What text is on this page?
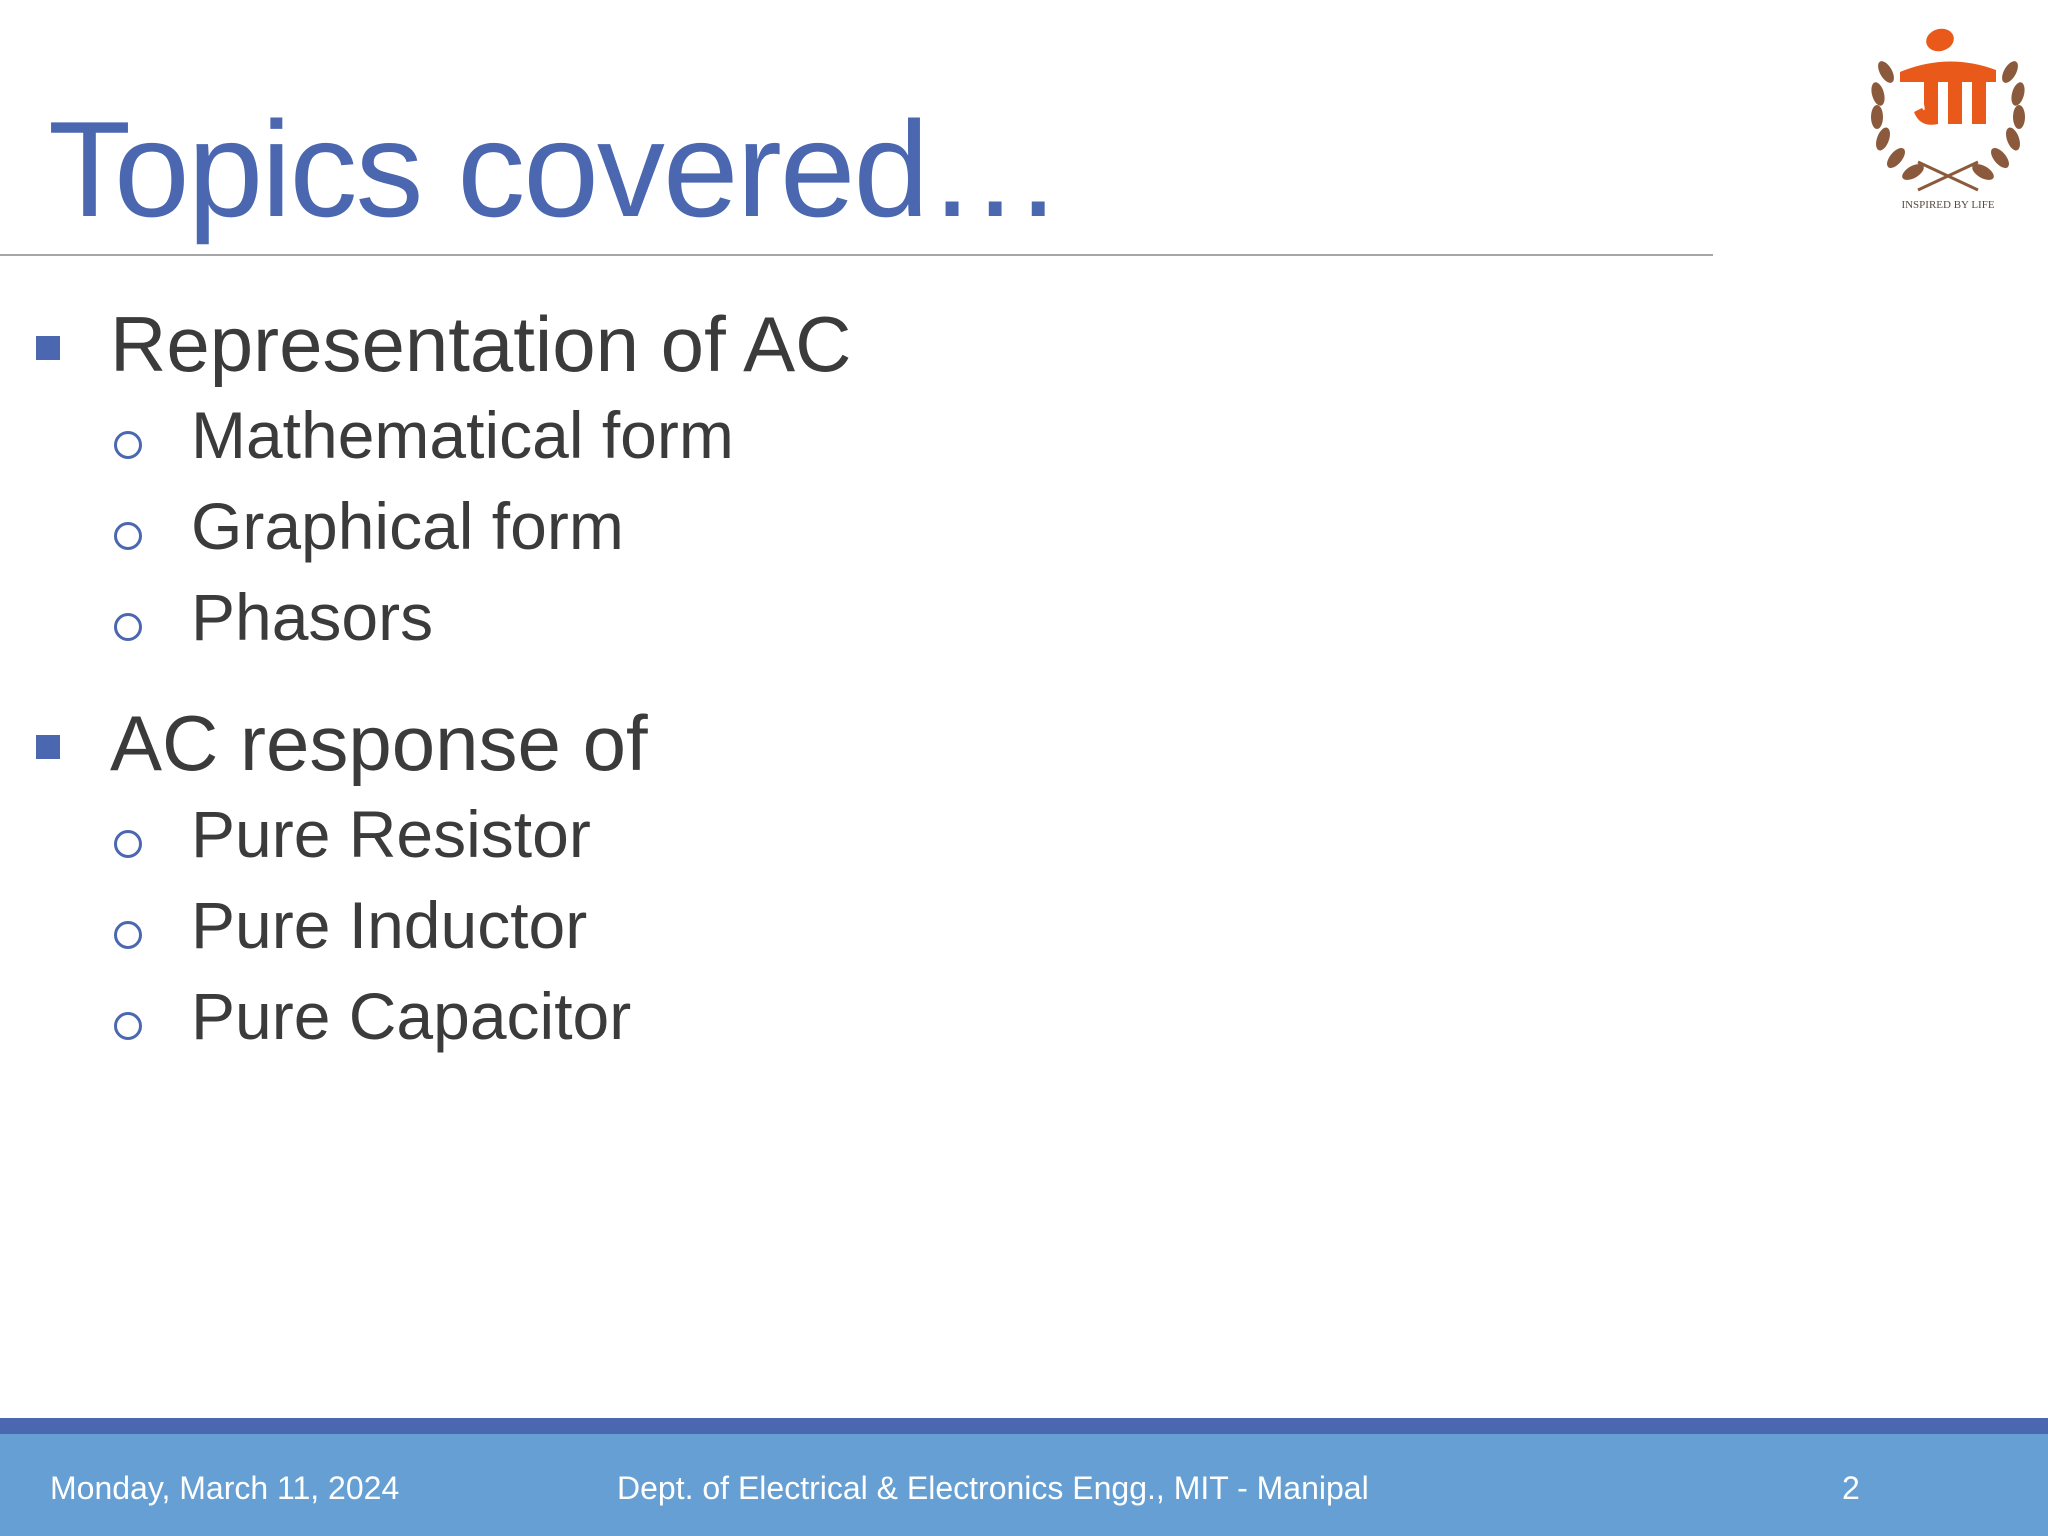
Topics covered…	INSPIRED BY LIFE
Representation of AC
Mathematical form
Graphical form
Phasors
AC response of
Pure Resistor
Pure Inductor
Pure Capacitor
Monday, March 11, 2024	Dept. of Electrical & Electronics Engg., MIT - Manipal	2
